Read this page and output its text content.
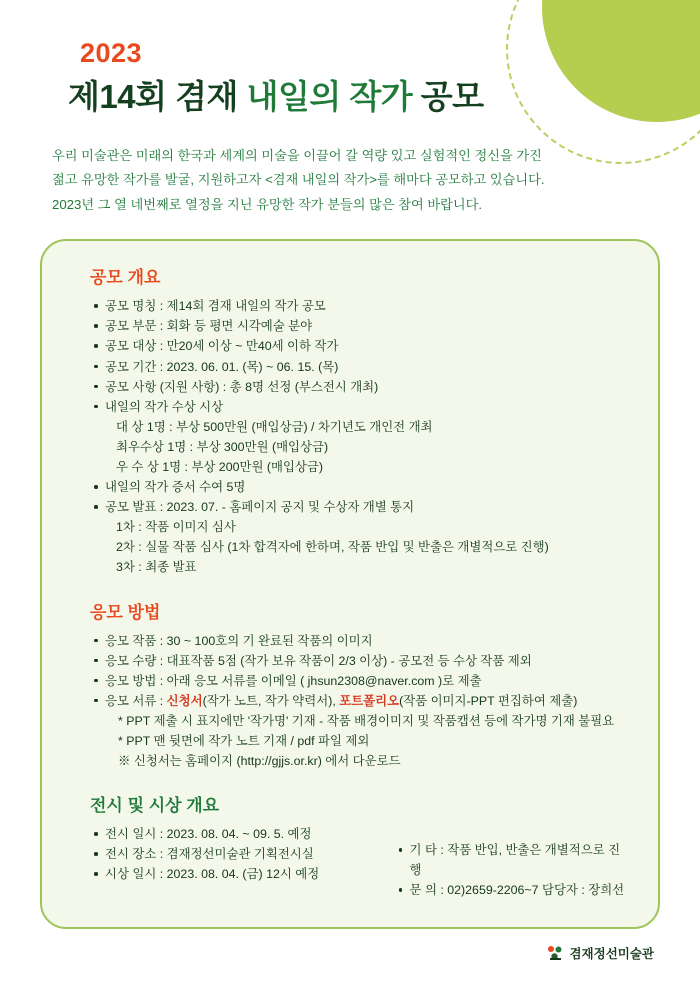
2023
제14회 겸재 내일의 작가 공모

우리 미술관은 미래의 한국과 세계의 미술을 이끌어 갈 역량 있고 실험적인 정신을 가진

젊고 유망한 작가를 발굴, 지원하고자 <겸재 내일의 작가>를 해마다 공모하고 있습니다.

2023년 그 열 네번째로 열정을 지닌 유망한 작가 분들의 많은 참여 바랍니다.

공모 개요
공모 명칭 : 제14회 겸재 내일의 작가 공모
공모 부문 : 회화 등 평면 시각예술 분야
공모 대상 : 만20세 이상 ~ 만40세 이하 작가
공모 기간 : 2023. 06. 01. (목) ~ 06. 15. (목)
공모 사항 (지원 사항) : 총 8명 선정 (부스전시 개최)
내일의 작가 수상 시상
대 상 1명 : 부상 500만원 (매입상금) / 차기년도 개인전 개최
최우수상 1명 : 부상 300만원 (매입상금)
우 수 상 1명 : 부상 200만원 (매입상금)
내일의 작가 증서 수여 5명
공모 발표 : 2023. 07. - 홈페이지 공지 및 수상자 개별 통지
1차 : 작품 이미지 심사
2차 : 실물 작품 심사 (1차 합격자에 한하며, 작품 반입 및 반출은 개별적으로 진행)
3차 : 최종 발표
응모 방법
응모 작품 : 30 ~ 100호의 기 완료된 작품의 이미지
응모 수량 : 대표작품 5점 (작가 보유 작품이 2/3 이상) - 공모전 등 수상 작품 제외
응모 방법 : 아래 응모 서류를 이메일 ( jhsun2308@naver.com )로 제출
응모 서류 : 신청서(작가 노트, 작가 약력서), 포트폴리오(작품 이미지-PPT 편집하여 제출)
* PPT 제출 시 표지에만 '작가명' 기재 - 작품 배경이미지 및 작품캡션 등에 작가명 기재 불필요
* PPT 맨 뒷면에 작가 노트 기재 / pdf 파일 제외
※ 신청서는 홈페이지 (http://gjjs.or.kr) 에서 다운로드
전시 및 시상 개요
전시 일시 : 2023. 08. 04. ~ 09. 5. 예정
전시 장소 : 겸재정선미술관 기획전시실
시상 일시 : 2023. 08. 04. (금) 12시 예정
기 타 : 작품 반입, 반출은 개별적으로 진행
문 의 : 02)2659-2206~7 담당자 : 장희선
겸재정선미술관
